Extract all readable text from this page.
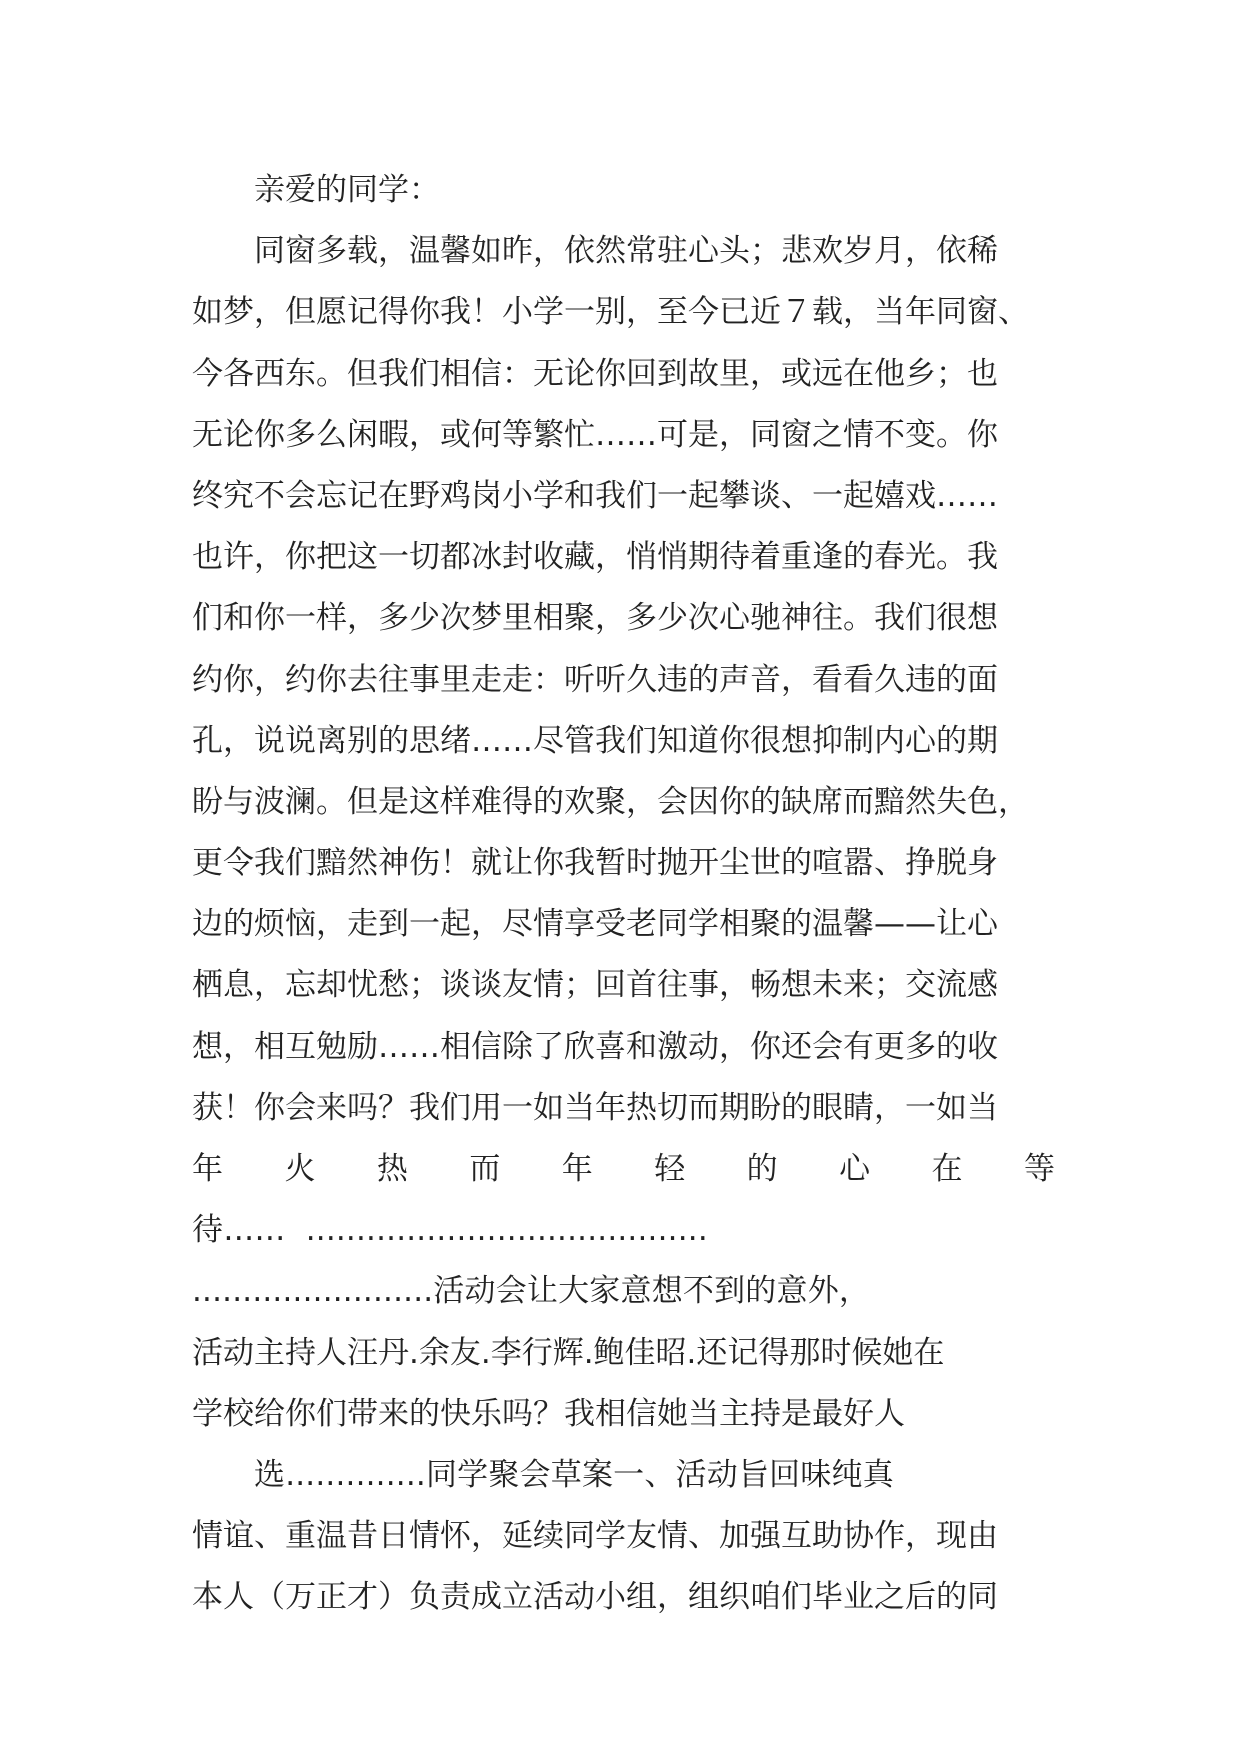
亲爱的同学：
同窗多载，温馨如昨，依然常驻心头；悲欢岁月，依稀
如梦，但愿记得你我！小学一别，至今已近７载，当年同窗、
今各西东。但我们相信：无论你回到故里，或远在他乡；也
无论你多么闲暇，或何等繁忙……可是，同窗之情不变。你
终究不会忘记在野鸡岗小学和我们一起攀谈、一起嬉戏……
也许，你把这一切都冰封收藏，悄悄期待着重逢的春光。我
们和你一样，多少次梦里相聚，多少次心驰神往。我们很想
约你，约你去往事里走走：听听久违的声音，看看久违的面
孔，说说离别的思绪……尽管我们知道你很想抑制内心的期
盼与波澜。但是这样难得的欢聚，会因你的缺席而黯然失色，
更令我们黯然神伤！就让你我暂时抛开尘世的喧嚣、挣脱身
边的烦恼，走到一起，尽情享受老同学相聚的温馨——让心
栖息，忘却忧愁；谈谈友情；回首往事，畅想未来；交流感
想，相互勉励……相信除了欣喜和激动，你还会有更多的收
获！你会来吗？我们用一如当年热切而期盼的眼睛，一如当
年 火 热 而 年 轻 的 心 在 等
待……  ........................................
........................活动会让大家意想不到的意外，
活动主持人汪丹.余友.李行辉.鲍佳昭.还记得那时候她在
学校给你们带来的快乐吗？我相信她当主持是最好人
选..............同学聚会草案一、活动旨回味纯真
情谊、重温昔日情怀，延续同学友情、加强互助协作，现由
本人（万正才）负责成立活动小组，组织咱们毕业之后的同
